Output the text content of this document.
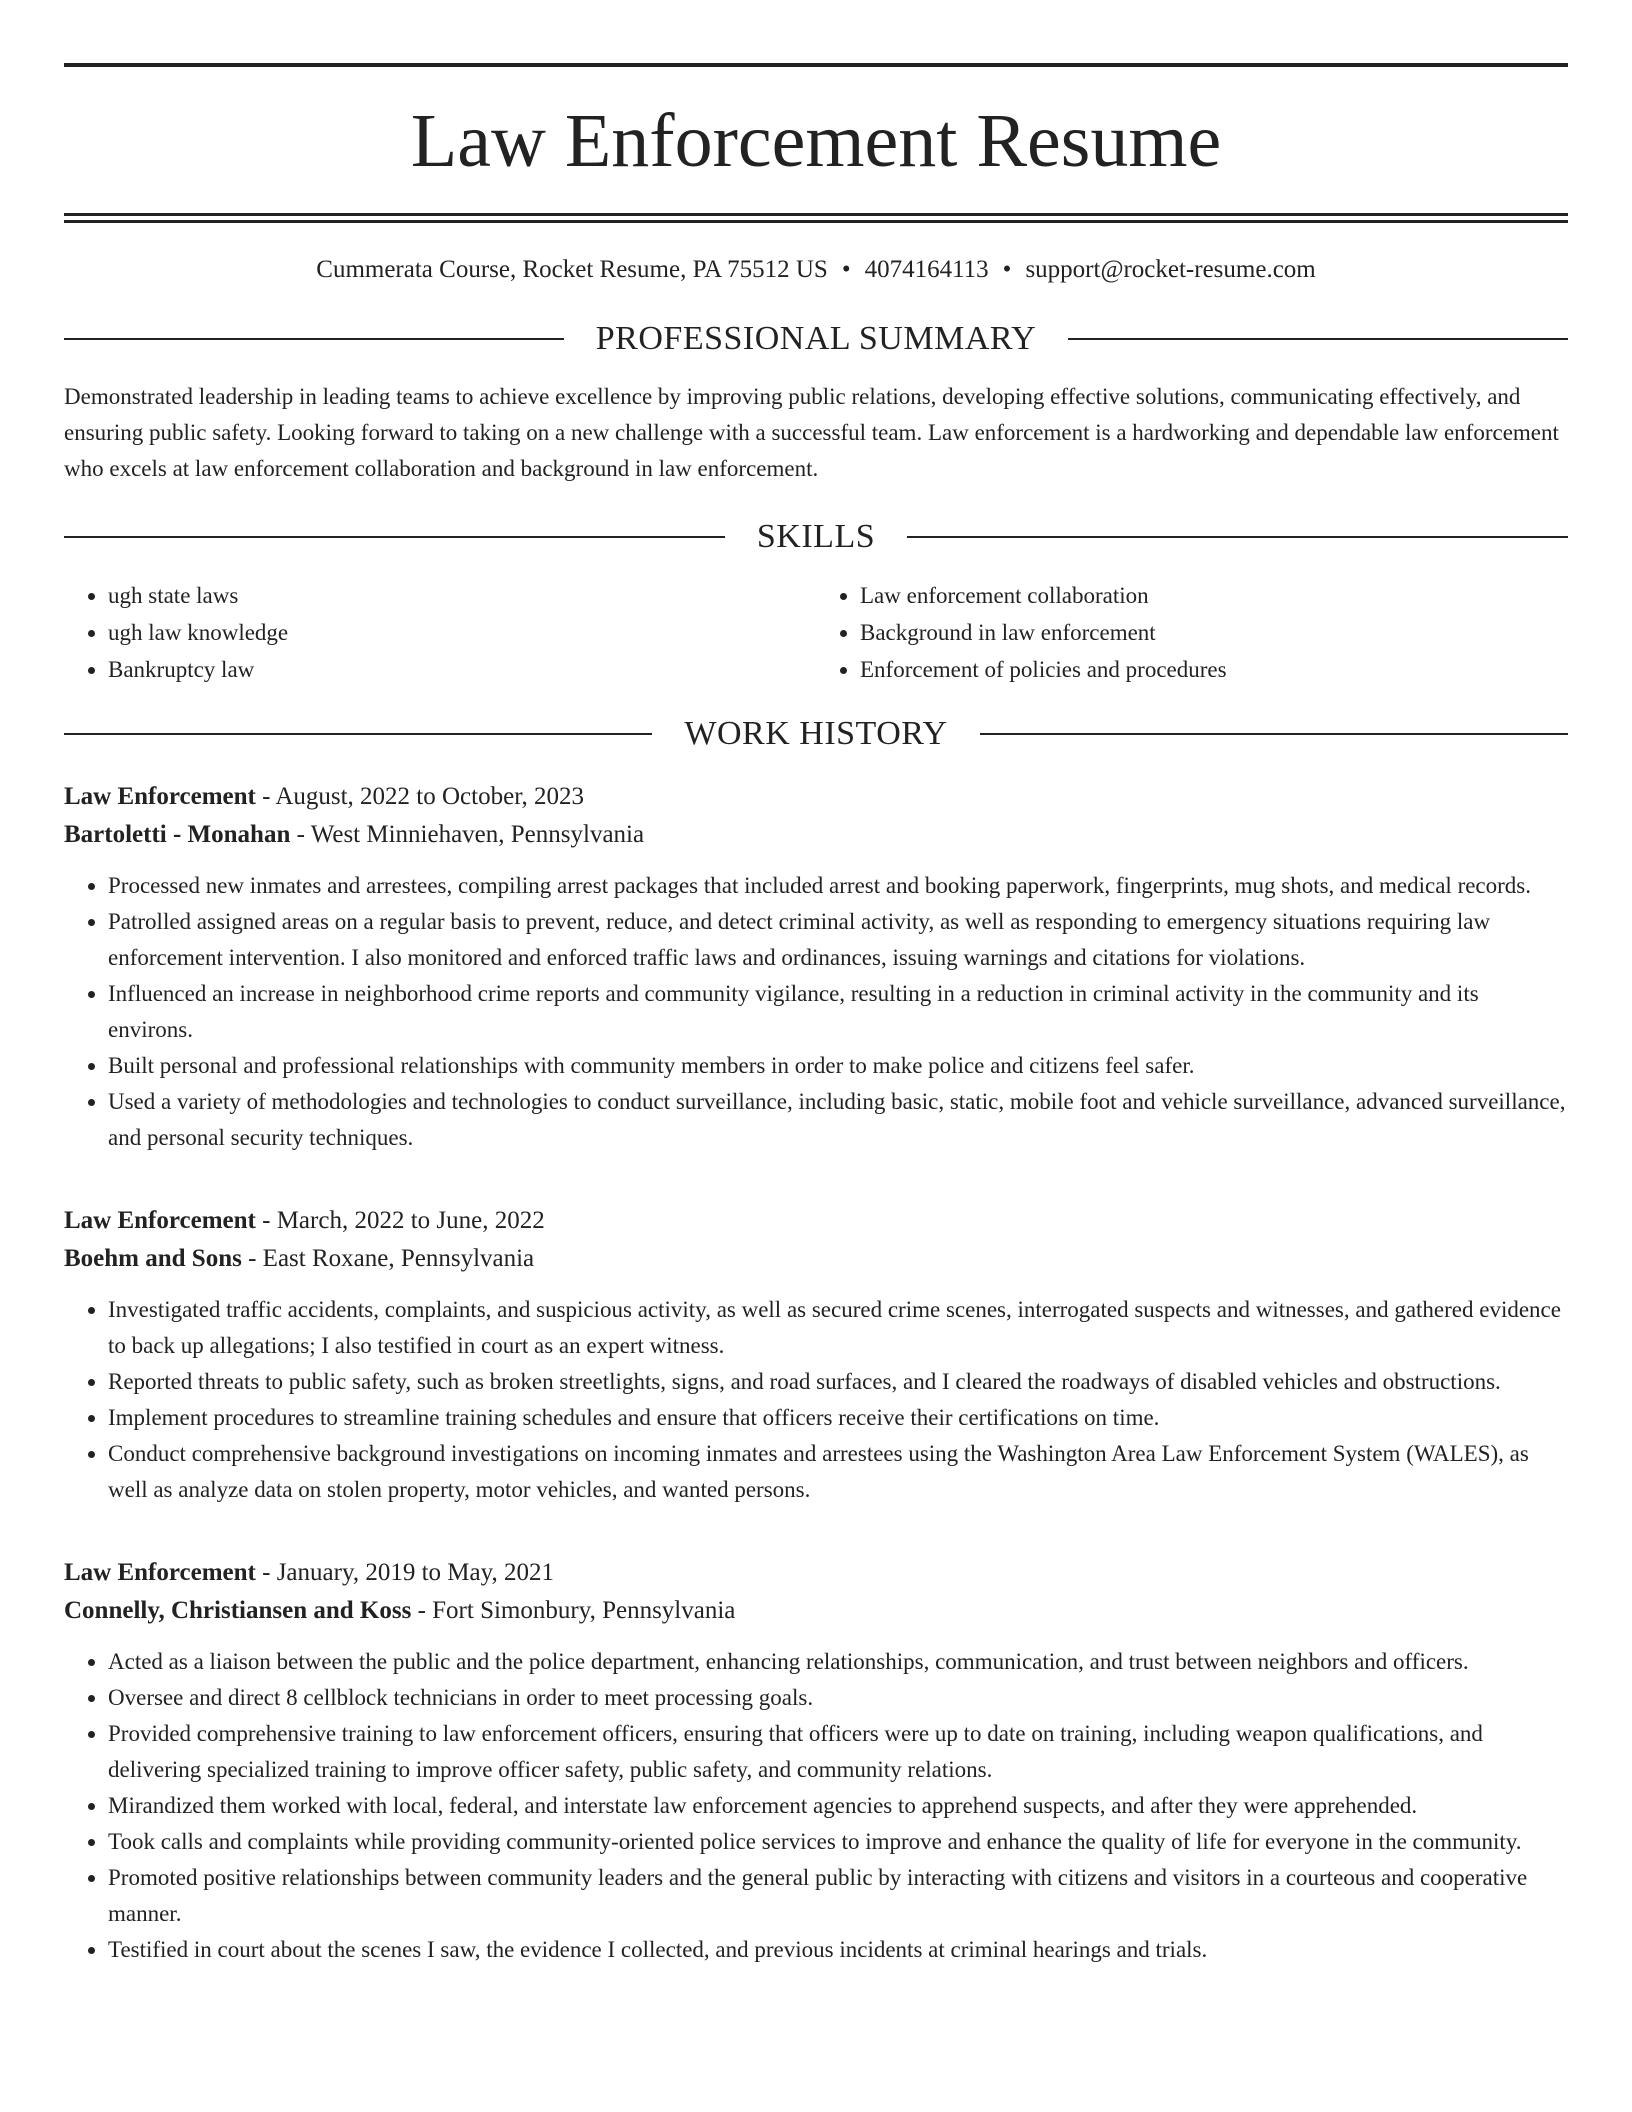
Law Enforcement Resume
Cummerata Course, Rocket Resume, PA 75512 US • 4074164113 • support@rocket-resume.com
PROFESSIONAL SUMMARY

Demonstrated leadership in leading teams to achieve excellence by improving public relations, developing effective solutions, communicating effectively, and ensuring public safety. Looking forward to taking on a new challenge with a successful team. Law enforcement is a hardworking and dependable law enforcement who excels at law enforcement collaboration and background in law enforcement.

SKILLS
• ugh state laws
• ugh law knowledge
• Bankruptcy law
• Law enforcement collaboration
• Background in law enforcement
• Enforcement of policies and procedures
WORK HISTORY
Law Enforcement - August, 2022 to October, 2023
Bartoletti - Monahan - West Minniehaven, Pennsylvania
• Processed new inmates and arrestees, compiling arrest packages that included arrest and booking paperwork, fingerprints, mug shots, and medical records.
• Patrolled assigned areas on a regular basis to prevent, reduce, and detect criminal activity, as well as responding to emergency situations requiring law enforcement intervention. I also monitored and enforced traffic laws and ordinances, issuing warnings and citations for violations.
• Influenced an increase in neighborhood crime reports and community vigilance, resulting in a reduction in criminal activity in the community and its environs.
• Built personal and professional relationships with community members in order to make police and citizens feel safer.
• Used a variety of methodologies and technologies to conduct surveillance, including basic, static, mobile foot and vehicle surveillance, advanced surveillance, and personal security techniques.
Law Enforcement - March, 2022 to June, 2022
Boehm and Sons - East Roxane, Pennsylvania
• Investigated traffic accidents, complaints, and suspicious activity, as well as secured crime scenes, interrogated suspects and witnesses, and gathered evidence to back up allegations; I also testified in court as an expert witness.
• Reported threats to public safety, such as broken streetlights, signs, and road surfaces, and I cleared the roadways of disabled vehicles and obstructions.
• Implement procedures to streamline training schedules and ensure that officers receive their certifications on time.
• Conduct comprehensive background investigations on incoming inmates and arrestees using the Washington Area Law Enforcement System (WALES), as well as analyze data on stolen property, motor vehicles, and wanted persons.
Law Enforcement - January, 2019 to May, 2021
Connelly, Christiansen and Koss - Fort Simonbury, Pennsylvania
• Acted as a liaison between the public and the police department, enhancing relationships, communication, and trust between neighbors and officers.
• Oversee and direct 8 cellblock technicians in order to meet processing goals.
• Provided comprehensive training to law enforcement officers, ensuring that officers were up to date on training, including weapon qualifications, and delivering specialized training to improve officer safety, public safety, and community relations.
• Mirandized them worked with local, federal, and interstate law enforcement agencies to apprehend suspects, and after they were apprehended.
• Took calls and complaints while providing community-oriented police services to improve and enhance the quality of life for everyone in the community.
• Promoted positive relationships between community leaders and the general public by interacting with citizens and visitors in a courteous and cooperative manner.
• Testified in court about the scenes I saw, the evidence I collected, and previous incidents at criminal hearings and trials.
